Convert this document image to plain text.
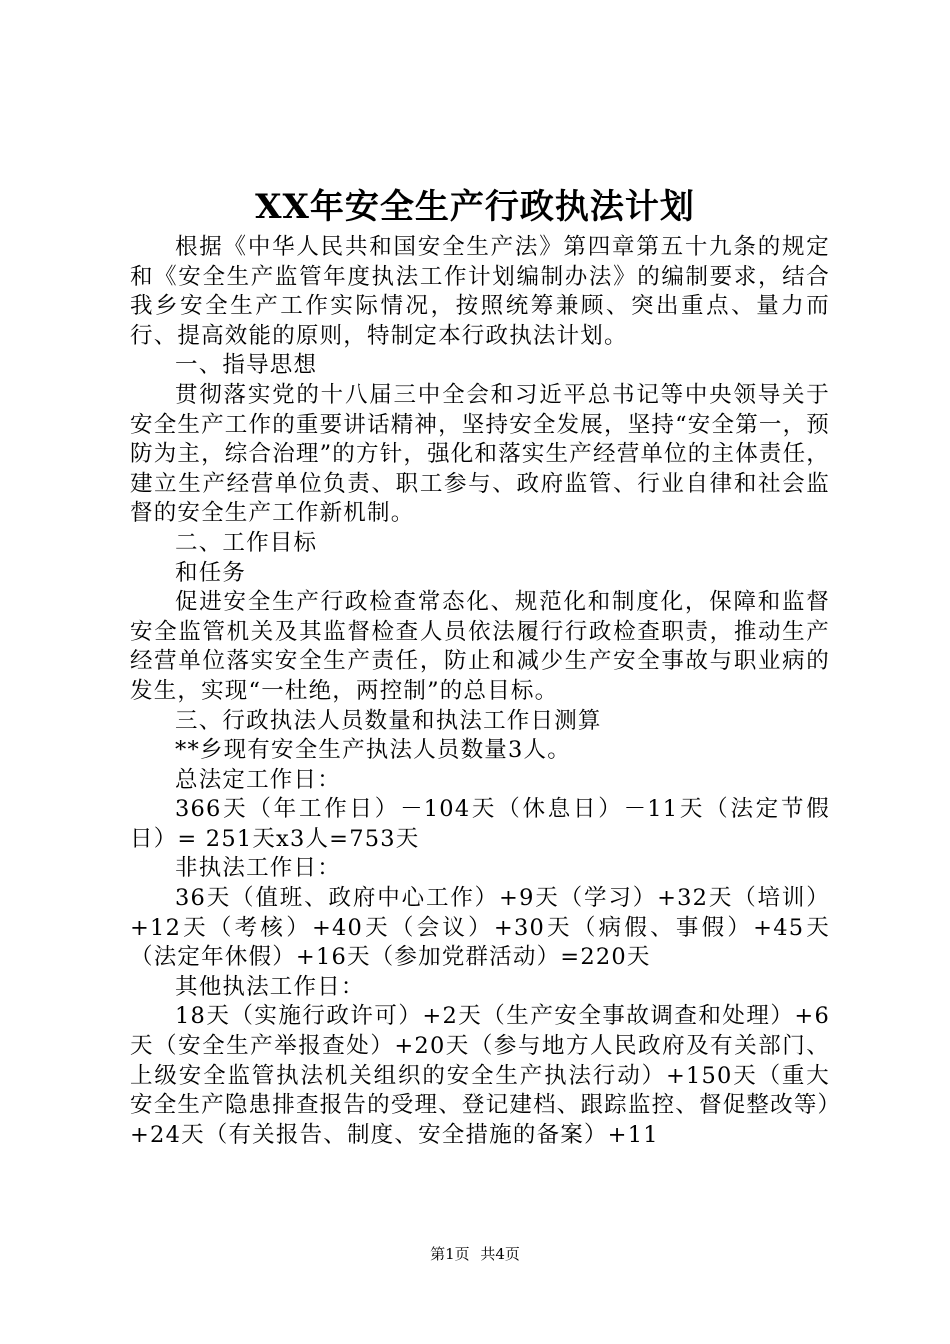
XX年安全生产行政执法计划

根据《中华人民共和国安全生产法》第四章第五十九条的规定和《安全生产监管年度执法工作计划编制办法》的编制要求，结合我乡安全生产工作实际情况，按照统筹兼顾、突出重点、量力而行、提高效能的原则，特制定本行政执法计划。

一、指导思想

贯彻落实党的十八届三中全会和习近平总书记等中央领导关于安全生产工作的重要讲话精神，坚持安全发展，坚持“安全第一，预防为主，综合治理”的方针，强化和落实生产经营单位的主体责任，建立生产经营单位负责、职工参与、政府监管、行业自律和社会监督的安全生产工作新机制。

二、工作目标

和任务

促进安全生产行政检查常态化、规范化和制度化，保障和监督安全监管机关及其监督检查人员依法履行行政检查职责，推动生产经营单位落实安全生产责任，防止和减少生产安全事故与职业病的发生，实现“一杜绝，两控制”的总目标。

三、行政执法人员数量和执法工作日测算

**乡现有安全生产执法人员数量3人。

总法定工作日：

366天（年工作日）－104天（休息日）－11天（法定节假日）= 251天x3人=753天

非执法工作日：

36天（值班、政府中心工作）+9天（学习）+32天（培训）+12天（考核）+40天（会议）+30天（病假、事假）+45天（法定年休假）+16天（参加党群活动）=220天

其他执法工作日：

18天（实施行政许可）+2天（生产安全事故调查和处理）+6天（安全生产举报查处）+20天（参与地方人民政府及有关部门、上级安全监管执法机关组织的安全生产执法行动）+150天（重大安全生产隐患排查报告的受理、登记建档、跟踪监控、督促整改等）+24天（有关报告、制度、安全措施的备案）+11

第1页 共4页
